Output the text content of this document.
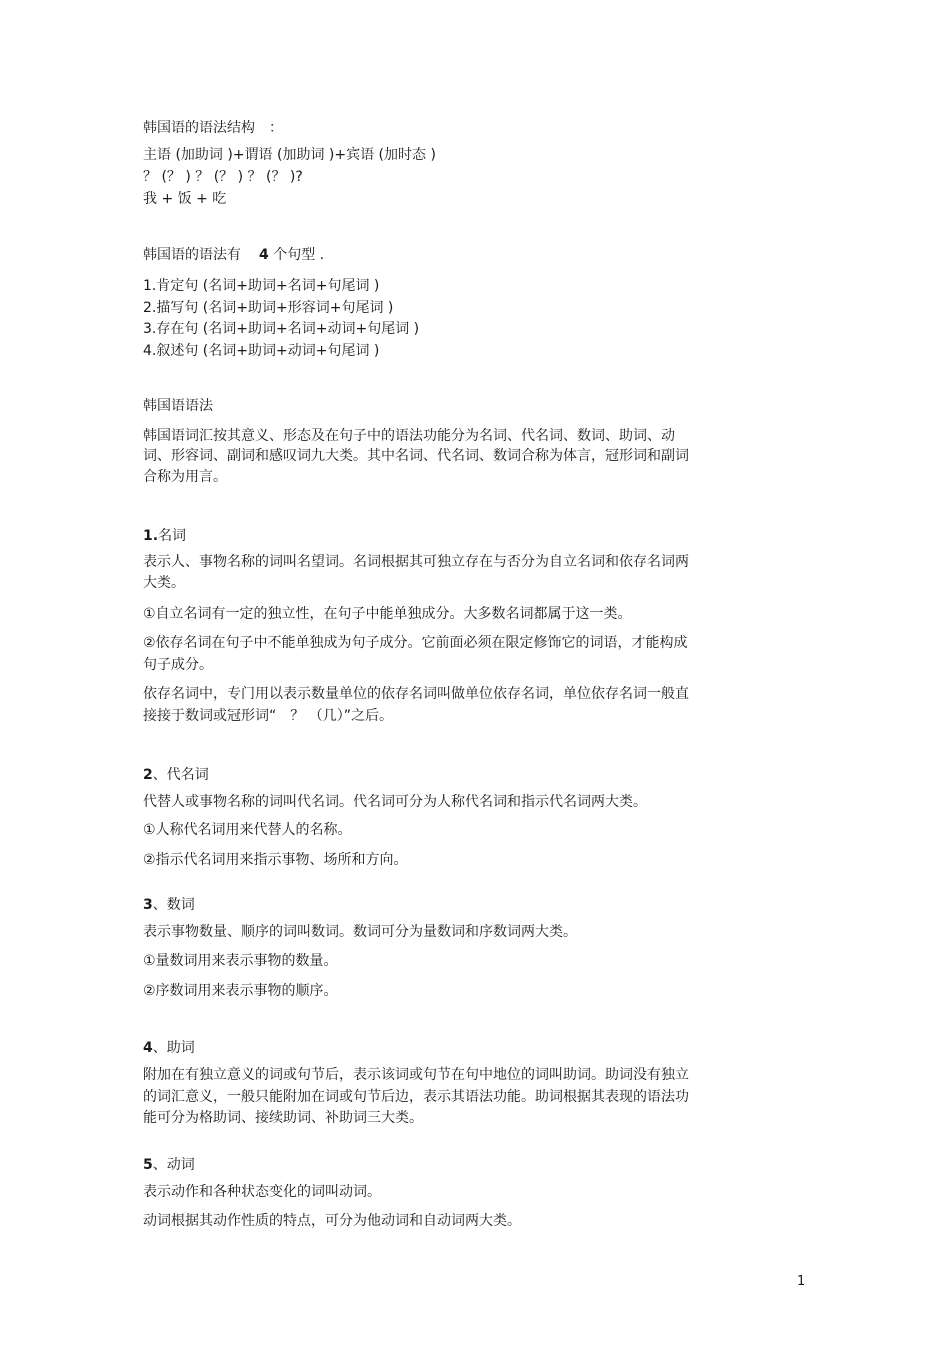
韩国语的语法结构　：
主语 (加助词 )+谓语 (加助词 )+宾语 (加时态 )
？ (？ ) ？ (？ ) ？ (？ )?
我 + 饭 + 吃
韩国语的语法有 4 个句型 .
1.肯定句 (名词+助词+名词+句尾词 )
2.描写句 (名词+助词+形容词+句尾词 )
3.存在句 (名词+助词+名词+动词+句尾词 )
4.叙述句 (名词+助词+动词+句尾词 )
韩国语语法
韩国语词汇按其意义、形态及在句子中的语法功能分为名词、代名词、数词、助词、动
词、形容词、副词和感叹词九大类。其中名词、代名词、数词合称为体言，冠形词和副词
合称为用言。
1.名词
表示人、事物名称的词叫名望词。名词根据其可独立存在与否分为自立名词和依存名词两
大类。
①自立名词有一定的独立性，在句子中能单独成分。大多数名词都属于这一类。
②依存名词在句子中不能单独成为句子成分。它前面必须在限定修饰它的词语，才能构成
句子成分。
依存名词中，专门用以表示数量单位的依存名词叫做单位依存名词，单位依存名词一般直
接接于数词或冠形词“　？ （几）”之后。
2、代名词
代替人或事物名称的词叫代名词。代名词可分为人称代名词和指示代名词两大类。
①人称代名词用来代替人的名称。
②指示代名词用来指示事物、场所和方向。
3、数词
表示事物数量、顺序的词叫数词。数词可分为量数词和序数词两大类。
①量数词用来表示事物的数量。
②序数词用来表示事物的顺序。
4、助词
附加在有独立意义的词或句节后，表示该词或句节在句中地位的词叫助词。助词没有独立
的词汇意义，一般只能附加在词或句节后边，表示其语法功能。助词根据其表现的语法功
能可分为格助词、接续助词、补助词三大类。
5、动词
表示动作和各种状态变化的词叫动词。
动词根据其动作性质的特点，可分为他动词和自动词两大类。
1
